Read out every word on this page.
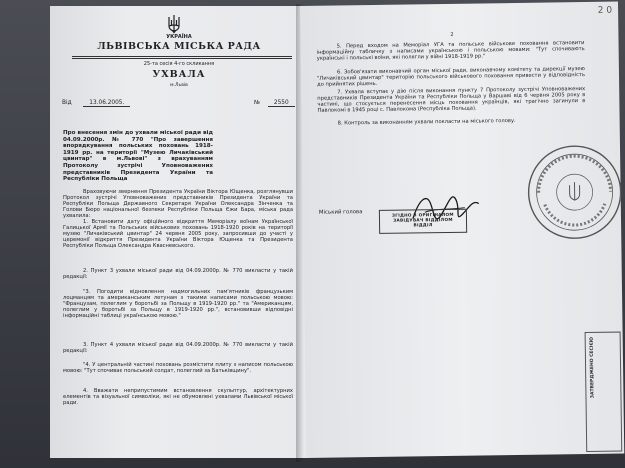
УКРАЇНА
ЛЬВІВСЬКА МІСЬКА РАДА
25-та сесія 4-го скликання
УХВАЛА
м.Львів
Від	13.06.2005.	№ 2550
Про внесення змін до ухвали міської ради від 04.09.2000р. № 770 "Про завершення впорядкування польських поховань 1918-1919 рр. на території "Музею Личаківський цвинтар" в м.Львові" з врахуванням Протоколу зустрічі Уповноважених представників Президента України та Республіки Польща
Враховуючи звернення Президента України Віктора Ющенка, розглянувши Протокол зустрічі Уповноважених представників Президента України та Республіки Польща Державного Секретаря України Олександра Зінченка та Голови Бюро національної безпеки Республіки Польща Єжи Бара, міська рада ухвалила:
1. Встановити дату офіційного відкриття Меморіалу воїнам Української Галицької Армії та Польських військових поховань 1918-1920 років на території музею "Личаківський цвинтар" 24 червня 2005 року, запросивши до участі у церемонії відкриття Президента України Віктора Ющенка та Президента Республіки Польща Олександра Квасневського.
2. Пункт 3 ухвали міської ради від 04.09.2000р. № 770 викласти у такій редакції:
"3. Погодити відновлення надмогильних пам'ятників французьким лоцманцям та американським летунам з такими написами польською мовою: "Французам, полеглим у боротьбі за Польщу в 1919-1920 рр." та "Американцям, полеглим у боротьбі за Польщу в 1919-1920 рр.", встановивши відповідні інформаційні таблиці українською мовою."
3. Пункт 4 ухвали міської ради від 04.09.2000р. № 770 викласти у такій редакції:
"4. У центральній частині поховань розмістити плиту з написом польською мовою: "Тут спочиває польський солдат, полеглий за Батьківщину".
4. Вважати неприпустимим встановлення скульптур, архітектурних елементів та візуальної символіки, які не обумовлені ухвалами Львівської міської ради.
2 0
2
5. Перед входом на Меморіал УГА та польське військове поховання встановити інформаційну табличку з написами українською і польською мовами: "Тут спочивають українські і польські воїни, які полягли у війні 1918-1919 рр."
6. Зобов'язати виконавчий орган міської ради, виконавчому комітету та дирекції музею "Личаківський цвинтар" територію польського військового поховання привести у відповідність до прийнятих рішень.
7. Ухвала вступає у дію після виконання пункту 7 Протоколу зустрічі Уповноважених представників Президента України та Республіки Польща у Варшаві від 6 червня 2005 року в частині, що стосується перенесення місць поховання українців, які трагічно загинули в Павлокомі в 1945 році с. Павлокома (Республіка Польща).
8. Контроль за виконанням ухвали покласти на міського голову.
Міський голова	ЗГІДНО З ОРИГІНАЛОМ
ЗАВІДУВАЧ ВІДДІЛОМ
ВІДДІЛ
ЗАТВЕРДЖЕНО СЕСІЄЮ
